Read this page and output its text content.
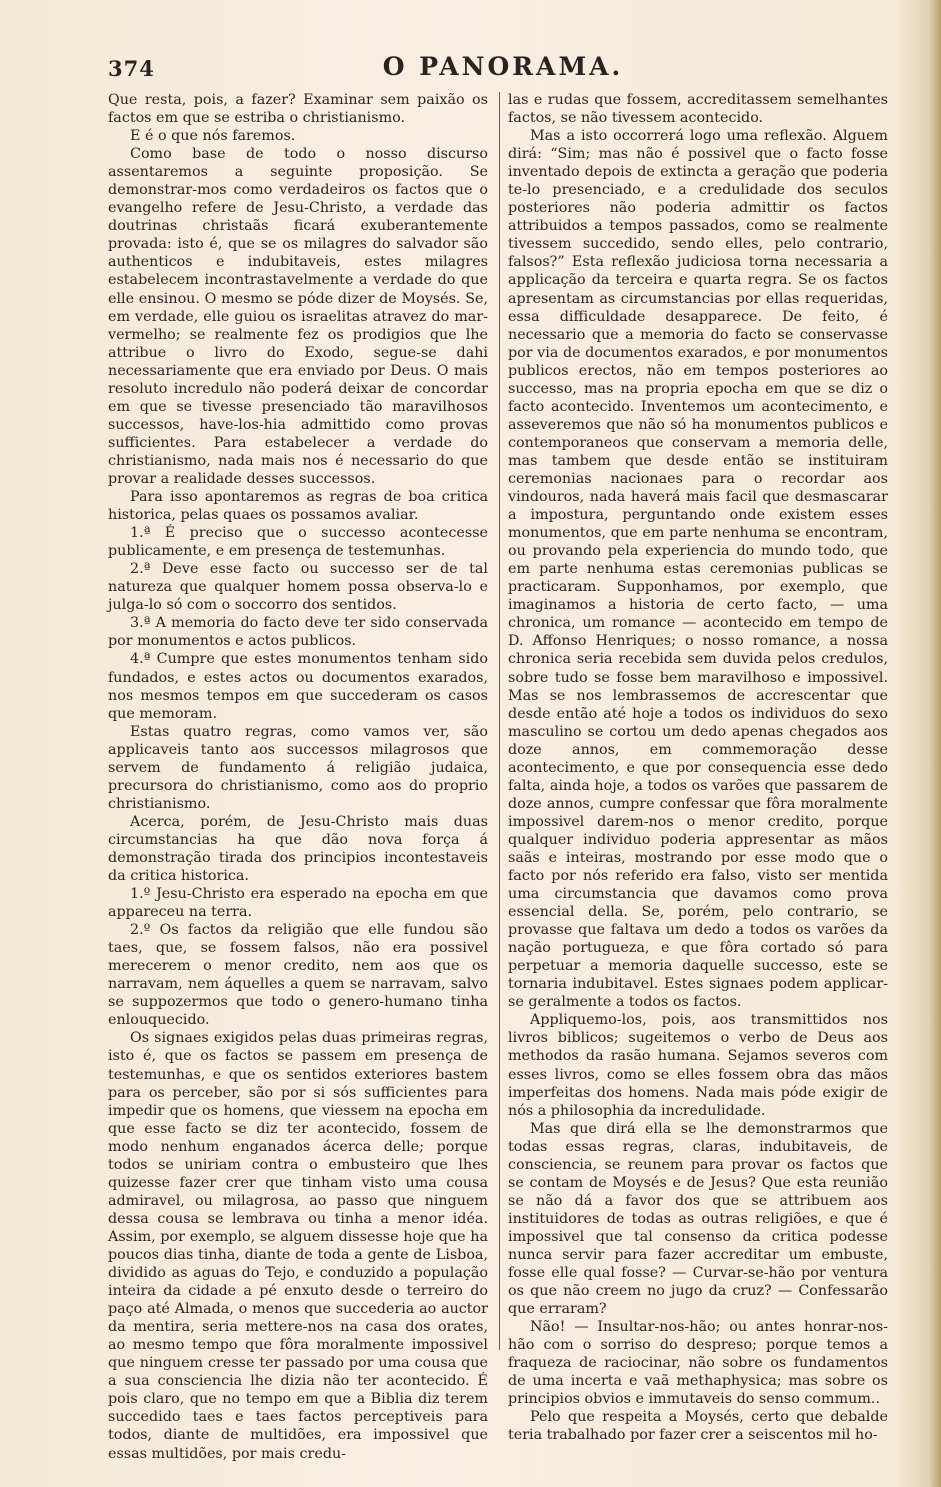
374	O PANORAMA.

Que resta, pois, a fazer? Examinar sem paixão os factos em que se estriba o christianismo.

E é o que nós faremos.

Como base de todo o nosso discurso assentaremos a seguinte proposição. Se demonstrar-mos como verdadeiros os factos que o evangelho refere de Jesu-Christo, a verdade das doutrinas christaãs ficará exuberantemente provada: isto é, que se os milagres do salvador são authenticos e indubitaveis, estes milagres estabelecem incontrastavelmente a verdade do que elle ensinou. O mesmo se póde dizer de Moysés. Se, em verdade, elle guiou os israelitas atravez do mar-vermelho; se realmente fez os prodigios que lhe attribue o livro do Exodo, segue-se dahi necessariamente que era enviado por Deus. O mais resoluto incredulo não poderá deixar de concordar em que se tivesse presenciado tão maravilhosos successos, have-los-hia admittido como provas sufficientes. Para estabelecer a verdade do christianismo, nada mais nos é necessario do que provar a realidade desses successos.

Para isso apontaremos as regras de boa critica historica, pelas quaes os possamos avaliar.

1.ª É preciso que o successo acontecesse publicamente, e em presença de testemunhas.

2.ª Deve esse facto ou successo ser de tal natureza que qualquer homem possa observa-lo e julga-lo só com o soccorro dos sentidos.

3.ª A memoria do facto deve ter sido conservada por monumentos e actos publicos.

4.ª Cumpre que estes monumentos tenham sido fundados, e estes actos ou documentos exarados, nos mesmos tempos em que succederam os casos que memoram.

Estas quatro regras, como vamos ver, são applicaveis tanto aos successos milagrosos que servem de fundamento á religião judaica, precursora do christianismo, como aos do proprio christianismo.

Acerca, porém, de Jesu-Christo mais duas circumstancias ha que dão nova força á demonstração tirada dos principios incontestaveis da critica historica.

1.º Jesu-Christo era esperado na epocha em que appareceu na terra.

2.º Os factos da religião que elle fundou são taes, que, se fossem falsos, não era possivel merecerem o menor credito, nem aos que os narravam, nem áquelles a quem se narravam, salvo se suppozermos que todo o genero-humano tinha enlouquecido.

Os signaes exigidos pelas duas primeiras regras, isto é, que os factos se passem em presença de testemunhas, e que os sentidos exteriores bastem para os perceber, são por si sós sufficientes para impedir que os homens, que viessem na epocha em que esse facto se diz ter acontecido, fossem de modo nenhum enganados ácerca delle; porque todos se uniriam contra o embusteiro que lhes quizesse fazer crer que tinham visto uma cousa admiravel, ou milagrosa, ao passo que ninguem dessa cousa se lembrava ou tinha a menor idéa. Assim, por exemplo, se alguem dissesse hoje que ha poucos dias tinha, diante de toda a gente de Lisboa, dividido as aguas do Tejo, e conduzido a população inteira da cidade a pé enxuto desde o terreiro do paço até Almada, o menos que succederia ao auctor da mentira, seria mettere-nos na casa dos orates, ao mesmo tempo que fôra moralmente impossivel que ninguem cresse ter passado por uma cousa que a sua consciencia lhe dizia não ter acontecido. É pois claro, que no tempo em que a Biblia diz terem succedido taes e taes factos perceptiveis para todos, diante de multidões, era impossivel que essas multidões, por mais credu-

las e rudas que fossem, accreditassem semelhantes factos, se não tivessem acontecido.

Mas a isto occorrerá logo uma reflexão. Alguem dirá: “Sim; mas não é possivel que o facto fosse inventado depois de extincta a geração que poderia te-lo presenciado, e a credulidade dos seculos posteriores não poderia admittir os factos attribuidos a tempos passados, como se realmente tivessem succedido, sendo elles, pelo contrario, falsos?” Esta reflexão judiciosa torna necessaria a applicação da terceira e quarta regra. Se os factos apresentam as circumstancias por ellas requeridas, essa difficuldade desapparece. De feito, é necessario que a memoria do facto se conservasse por via de documentos exarados, e por monumentos publicos erectos, não em tempos posteriores ao successo, mas na propria epocha em que se diz o facto acontecido. Inventemos um acontecimento, e asseveremos que não só ha monumentos publicos e contemporaneos que conservam a memoria delle, mas tambem que desde então se instituiram ceremonias nacionaes para o recordar aos vindouros, nada haverá mais facil que desmascarar a impostura, perguntando onde existem esses monumentos, que em parte nenhuma se encontram, ou provando pela experiencia do mundo todo, que em parte nenhuma estas ceremonias publicas se practicaram. Supponhamos, por exemplo, que imaginamos a historia de certo facto, — uma chronica, um romance — acontecido em tempo de D. Affonso Henriques; o nosso romance, a nossa chronica seria recebida sem duvida pelos credulos, sobre tudo se fosse bem maravilhoso e impossivel. Mas se nos lembrassemos de accrescentar que desde então até hoje a todos os individuos do sexo masculino se cortou um dedo apenas chegados aos doze annos, em commemoração desse acontecimento, e que por consequencia esse dedo falta, ainda hoje, a todos os varões que passarem de doze annos, cumpre confessar que fôra moralmente impossivel darem-nos o menor credito, porque qualquer individuo poderia appresentar as mãos saãs e inteiras, mostrando por esse modo que o facto por nós referido era falso, visto ser mentida uma circumstancia que davamos como prova essencial della. Se, porém, pelo contrario, se provasse que faltava um dedo a todos os varões da nação portugueza, e que fôra cortado só para perpetuar a memoria daquelle successo, este se tornaria indubitavel. Estes signaes podem applicar-se geralmente a todos os factos.

Appliquemo-los, pois, aos transmittidos nos livros biblicos; sugeitemos o verbo de Deus aos methodos da rasão humana. Sejamos severos com esses livros, como se elles fossem obra das mãos imperfeitas dos homens. Nada mais póde exigir de nós a philosophia da incredulidade.

Mas que dirá ella se lhe demonstrarmos que todas essas regras, claras, indubitaveis, de consciencia, se reunem para provar os factos que se contam de Moysés e de Jesus? Que esta reunião se não dá a favor dos que se attribuem aos instituidores de todas as outras religiões, e que é impossivel que tal consenso da critica podesse nunca servir para fazer accreditar um embuste, fosse elle qual fosse? — Curvar-se-hão por ventura os que não creem no jugo da cruz? — Confessarão que erraram?

Não! — Insultar-nos-hão; ou antes honrar-nos-hão com o sorriso do despreso; porque temos a fraqueza de raciocinar, não sobre os fundamentos de uma incerta e vaã methaphysica; mas sobre os principios obvios e immutaveis do senso commum..

Pelo que respeita a Moysés, certo que debalde teria trabalhado por fazer crer a seiscentos mil ho-
